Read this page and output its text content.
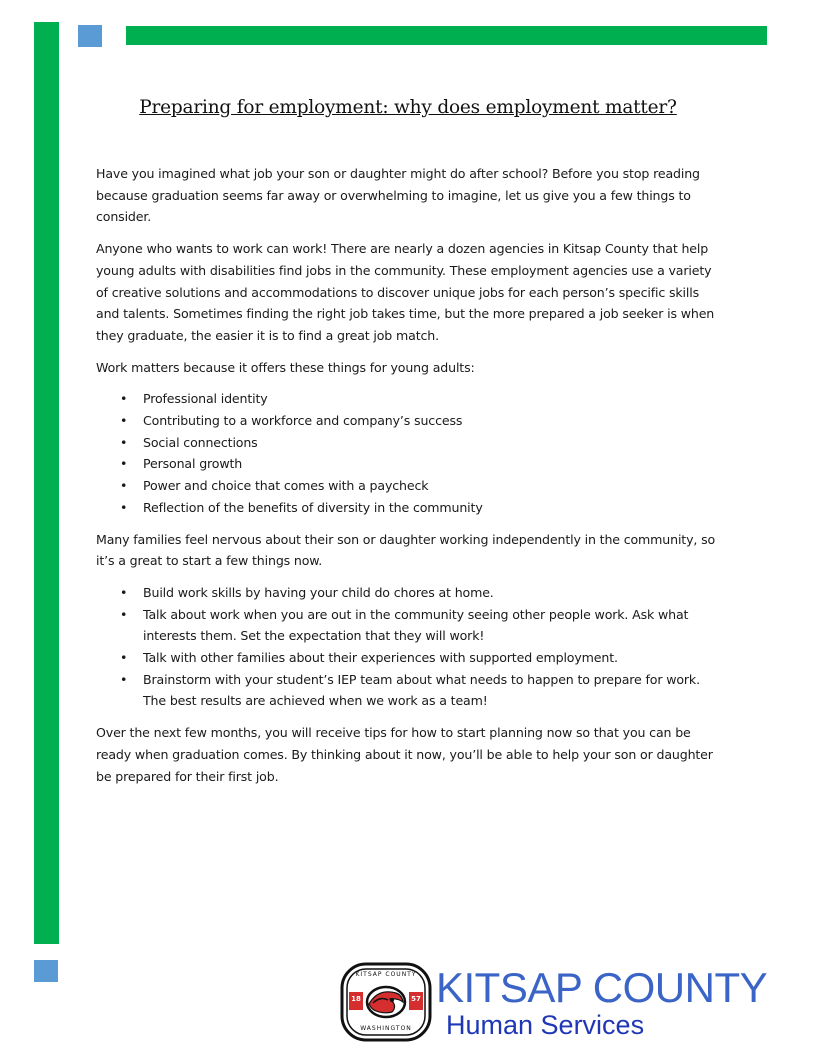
Preparing for employment: why does employment matter?

Have you imagined what job your son or daughter might do after school? Before you stop reading because graduation seems far away or overwhelming to imagine, let us give you a few things to consider.

Anyone who wants to work can work! There are nearly a dozen agencies in Kitsap County that help young adults with disabilities find jobs in the community. These employment agencies use a variety of creative solutions and accommodations to discover unique jobs for each person’s specific skills and talents. Sometimes finding the right job takes time, but the more prepared a job seeker is when they graduate, the easier it is to find a great job match.

Work matters because it offers these things for young adults:

• Professional identity
• Contributing to a workforce and company’s success
• Social connections
• Personal growth
• Power and choice that comes with a paycheck
• Reflection of the benefits of diversity in the community

Many families feel nervous about their son or daughter working independently in the community, so it’s a great to start a few things now.

• Build work skills by having your child do chores at home.
• Talk about work when you are out in the community seeing other people work. Ask what interests them. Set the expectation that they will work!
• Talk with other families about their experiences with supported employment.
• Brainstorm with your student’s IEP team about what needs to happen to prepare for work. The best results are achieved when we work as a team!

Over the next few months, you will receive tips for how to start planning now so that you can be ready when graduation comes. By thinking about it now, you’ll be able to help your son or daughter be prepared for their first job.

KITSAP COUNTY
WASHINGTON
18	57 KITSAP COUNTY
Human Services
